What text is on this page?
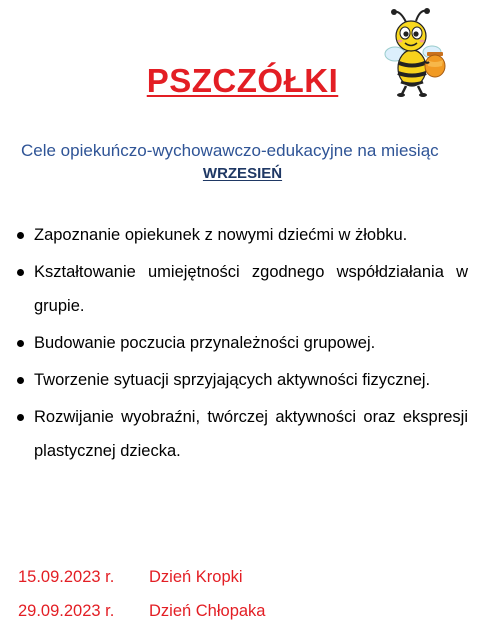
PSZCZÓŁKI
Cele opiekuńczo-wychowawczo-edukacyjne na miesiąc
WRZESIEŃ
Zapoznanie opiekunek z nowymi dziećmi w żłobku.
Kształtowanie umiejętności zgodnego współdziałania w grupie.
Budowanie poczucia przynależności grupowej.
Tworzenie sytuacji sprzyjających aktywności fizycznej.
Rozwijanie wyobraźni, twórczej aktywności oraz ekspresji plastycznej dziecka.
15.09.2023 r.	Dzień Kropki
29.09.2023 r.	Dzień Chłopaka
